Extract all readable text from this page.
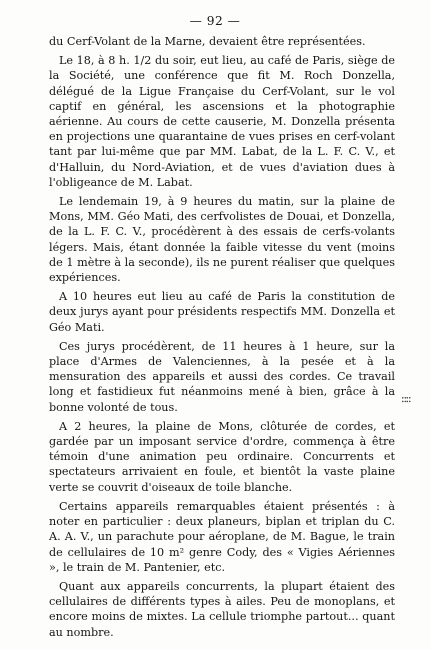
— 92 —

du Cerf-Volant de la Marne, devaient être représentées.

Le 18, à 8 h. 1/2 du soir, eut lieu, au café de Paris, siège de la Société, une conférence que fit M. Roch Donzella, délégué de la Ligue Française du Cerf-Volant, sur le vol captif en général, les ascensions et la photographie aérienne. Au cours de cette causerie, M. Donzella présenta en projections une quarantaine de vues prises en cerf-volant tant par lui-même que par MM. Labat, de la L. F. C. V., et d'Halluin, du Nord-Aviation, et de vues d'aviation dues à l'obligeance de M. Labat.

Le lendemain 19, à 9 heures du matin, sur la plaine de Mons, MM. Géo Mati, des cerfvolistes de Douai, et Donzella, de la L. F. C. V., procédèrent à des essais de cerfs-volants légers. Mais, étant donnée la faible vitesse du vent (moins de 1 mètre à la seconde), ils ne purent réaliser que quelques expériences.

A 10 heures eut lieu au café de Paris la constitution de deux jurys ayant pour présidents respectifs MM. Donzella et Géo Mati.

Ces jurys procédèrent, de 11 heures à 1 heure, sur la place d'Armes de Valenciennes, à la pesée et à la mensuration des appareils et aussi des cordes. Ce travail long et fastidieux fut néanmoins mené à bien, grâce à la bonne volonté de tous.

A 2 heures, la plaine de Mons, clôturée de cordes, et gardée par un imposant service d'ordre, commença à être témoin d'une animation peu ordinaire. Concurrents et spectateurs arrivaient en foule, et bientôt la vaste plaine verte se couvrit d'oiseaux de toile blanche.

Certains appareils remarquables étaient présentés : à noter en particulier : deux planeurs, biplan et triplan du C. A. A. V., un parachute pour aéroplane, de M. Bague, le train de cellulaires de 10 m² genre Cody, des « Vigies Aériennes », le train de M. Pantenier, etc.

Quant aux appareils concurrents, la plupart étaient des cellulaires de différents types à ailes. Peu de monoplans, et encore moins de mixtes. La cellule triomphe partout... quant au nombre.

⁞⁞
